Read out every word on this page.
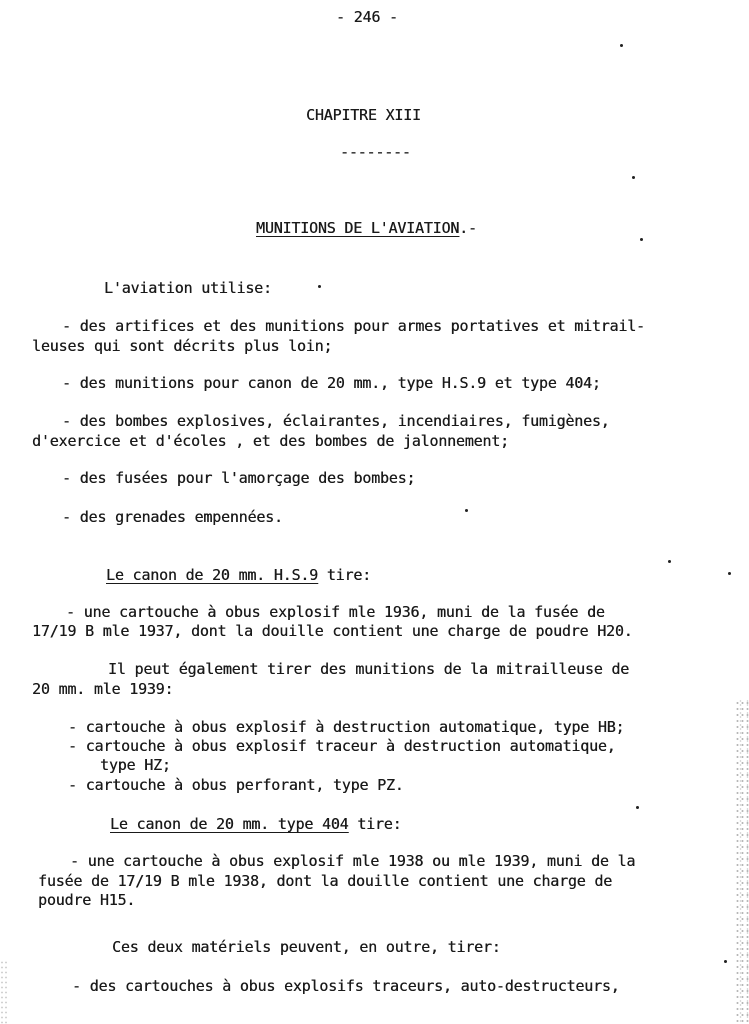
- 246 -
CHAPITRE XIII
--------
MUNITIONS DE L'AVIATION.-
L'aviation utilise:
- des artifices et des munitions pour armes portatives et mitrail-
leuses qui sont décrits plus loin;
- des munitions pour canon de 20 mm., type H.S.9 et type 404;
- des bombes explosives, éclairantes, incendiaires, fumigènes,
d'exercice et d'écoles , et des bombes de jalonnement;
- des fusées pour l'amorçage des bombes;
- des grenades empennées.
Le canon de 20 mm. H.S.9 tire:
- une cartouche à obus explosif mle 1936, muni de la fusée de
17/19 B mle 1937, dont la douille contient une charge de poudre H20.
Il peut également tirer des munitions de la mitrailleuse de
20 mm. mle 1939:
- cartouche à obus explosif à destruction automatique, type HB;
- cartouche à obus explosif traceur à destruction automatique,
type HZ;
- cartouche à obus perforant, type PZ.
Le canon de 20 mm. type 404 tire:
- une cartouche à obus explosif mle 1938 ou mle 1939, muni de la
fusée de 17/19 B mle 1938, dont la douille contient une charge de
poudre H15.
Ces deux matériels peuvent, en outre, tirer:
- des cartouches à obus explosifs traceurs, auto-destructeurs,
